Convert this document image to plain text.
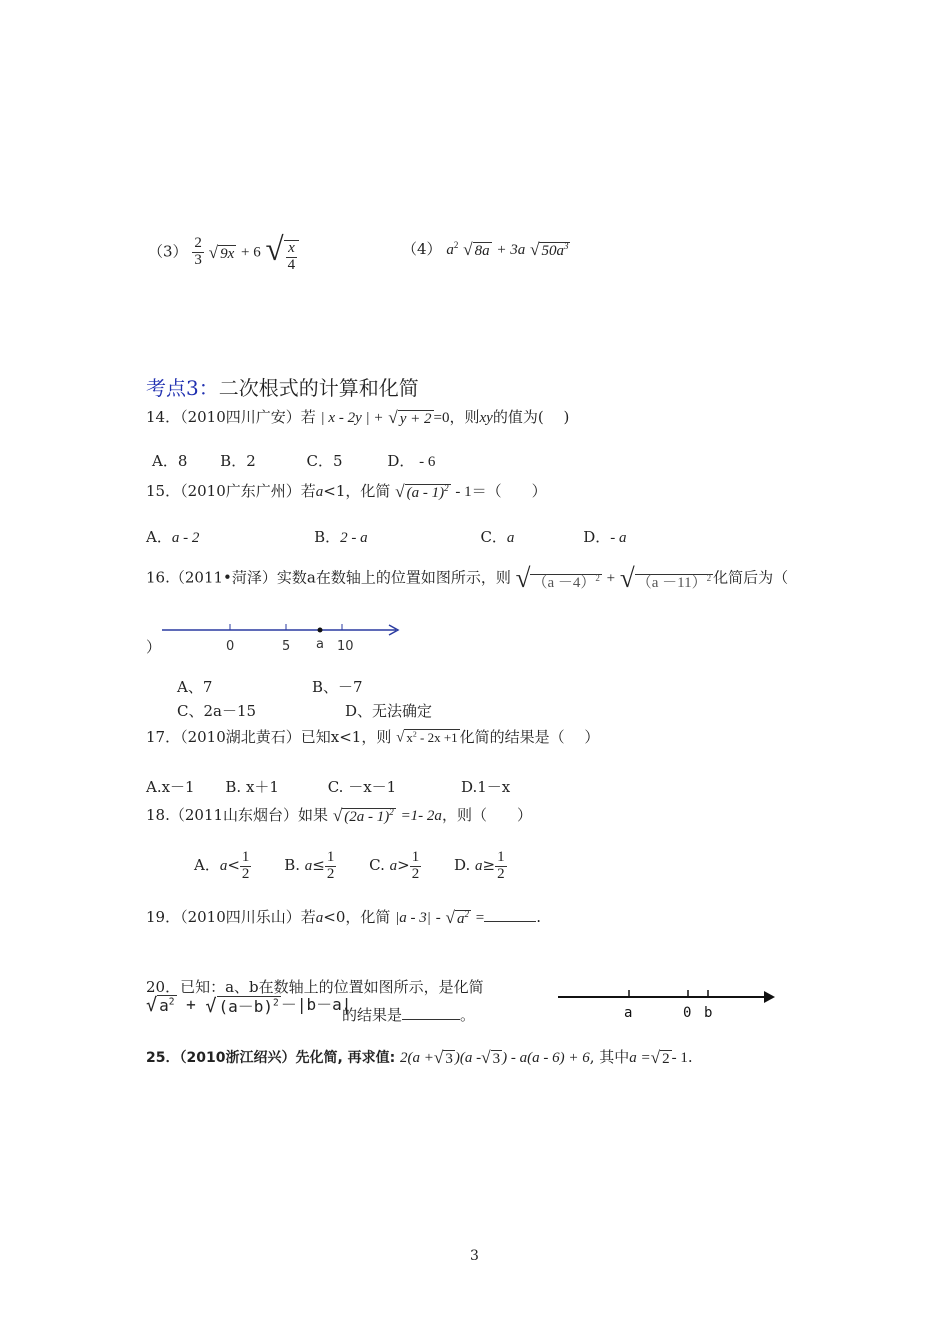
$(3) \frac{2}{3}$ √ 9x + 6 √ $\frac{x}{4}$	（4） $a^2$ √ 8a + 3a √ $50a^3$
考点3：二次根式的计算和化简
14．（2010四川广安）若 | x - 2y | + √ y + 2 =0，则xy的值为(　 )
A．8 B．2	C．5	D． - 6
15．（2010广东广州）若a<1，化简 √ (a - 1)$^2$ - 1＝（　　）
A．a - 2	B．2 - a	C．a	D．- a
16.（2011•菏泽）实数a在数轴上的位置如图所示，则 √ $(a -4)^2$ + √ $(a -11)^2$ 化简后为（
）	0	5 a 10
A、7	B、－7
C、2a－15	D、无法确定
17．（2010湖北黄石）已知x<1，则 √ $x^2 - 2x +1$ 化简的结果是（　 ）
A.x－1 B. x＋1	C. －x－1	D.1－x
18.（2011山东烟台）如果 √ (2a - 1)$^2$ =1- 2a，则（　　）
A．$a< \frac{1}{2} B$. $a\le \frac{1}{2} C$. $a> \frac{1}{2} D$. $a\ge \frac{1}{2}$
19．（2010四川乐山）若a<0，化简 |a - 3| - √ $a^2$ =	.
20．已知：a、b在数轴上的位置如图所示，是化简
√ $a^2$ + √ $(a-b)^2 -|b-a|$
的结果是	。	a	0 b
25．（2010浙江绍兴）先化简, 再求值: 2(a +√ 3 )(a -√ 3 ) - a(a - 6) + 6, 其中a =√ 2 - 1.
3
